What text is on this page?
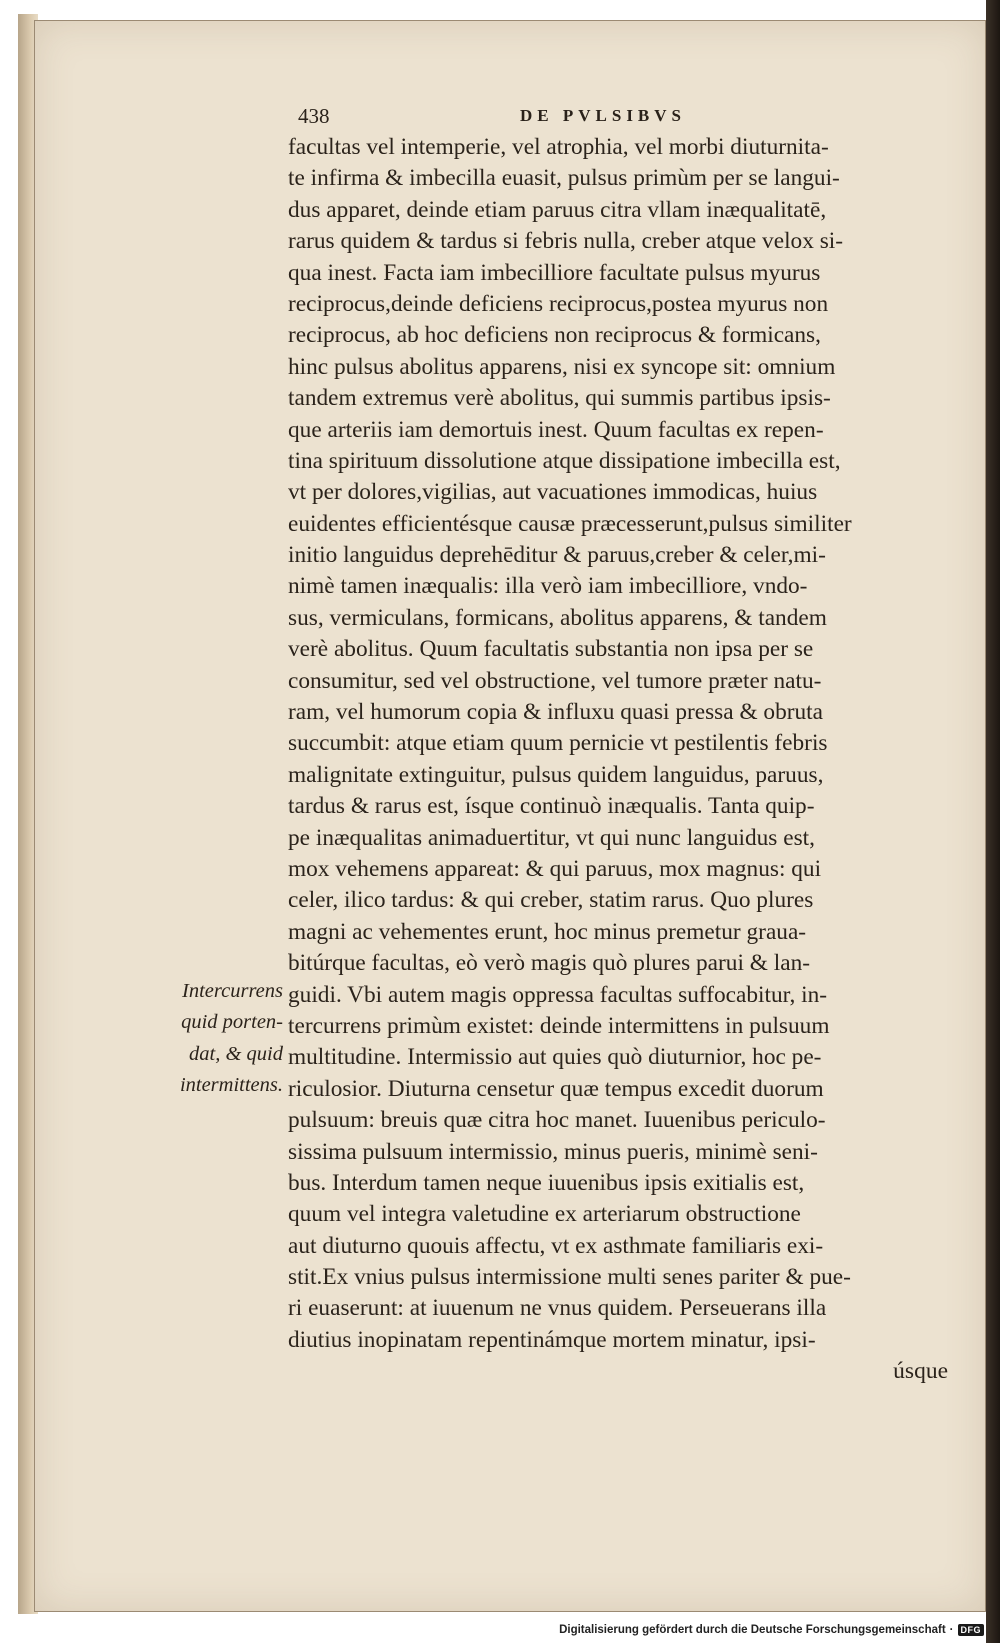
438	DE PVLSIBVS
facultas vel intemperie, vel atrophia, vel morbi diuturnita-
te infirma & imbecilla euasit, pulsus primùm per se langui-
dus apparet, deinde etiam paruus citra vllam inæqualitatē,
rarus quidem & tardus si febris nulla, creber atque velox si-
qua inest. Facta iam imbecilliore facultate pulsus myurus
reciprocus,deinde deficiens reciprocus,postea myurus non
reciprocus, ab hoc deficiens non reciprocus & formicans,
hinc pulsus abolitus apparens, nisi ex syncope sit: omnium
tandem extremus verè abolitus, qui summis partibus ipsis-
que arteriis iam demortuis inest. Quum facultas ex repen-
tina spirituum dissolutione atque dissipatione imbecilla est,
vt per dolores,vigilias, aut vacuationes immodicas, huius
euidentes efficientésque causæ præcesserunt,pulsus similiter
initio languidus deprehēditur & paruus,creber & celer,mi-
nimè tamen inæqualis: illa verò iam imbecilliore, vndo-
sus, vermiculans, formicans, abolitus apparens, & tandem
verè abolitus. Quum facultatis substantia non ipsa per se
consumitur, sed vel obstructione, vel tumore præter natu-
ram, vel humorum copia & influxu quasi pressa & obruta
succumbit: atque etiam quum pernicie vt pestilentis febris
malignitate extinguitur, pulsus quidem languidus, paruus,
tardus & rarus est, ísque continuò inæqualis. Tanta quip-
pe inæqualitas animaduertitur, vt qui nunc languidus est,
mox vehemens appareat: & qui paruus, mox magnus: qui
celer, ilico tardus: & qui creber, statim rarus. Quo plures
magni ac vehementes erunt, hoc minus premetur graua-
bitúrque facultas, eò verò magis quò plures parui & lan-
guidi. Vbi autem magis oppressa facultas suffocabitur, in-
tercurrens primùm existet: deinde intermittens in pulsuum
multitudine. Intermissio aut quies quò diuturnior, hoc pe-
riculosior. Diuturna censetur quæ tempus excedit duorum
pulsuum: breuis quæ citra hoc manet. Iuuenibus periculo-
sissima pulsuum intermissio, minus pueris, minimè seni-
bus. Interdum tamen neque iuuenibus ipsis exitialis est,
quum vel integra valetudine ex arteriarum obstructione
aut diuturno quouis affectu, vt ex asthmate familiaris exi-
stit.Ex vnius pulsus intermissione multi senes pariter & pue-
ri euaserunt: at iuuenum ne vnus quidem. Perseuerans illa
diutius inopinatam repentinámque mortem minatur, ipsi-
úsque
Intercurrens
quid porten-
dat, & quid
intermittens.
Digitalisierung gefördert durch die Deutsche Forschungsgemeinschaft · DFG
